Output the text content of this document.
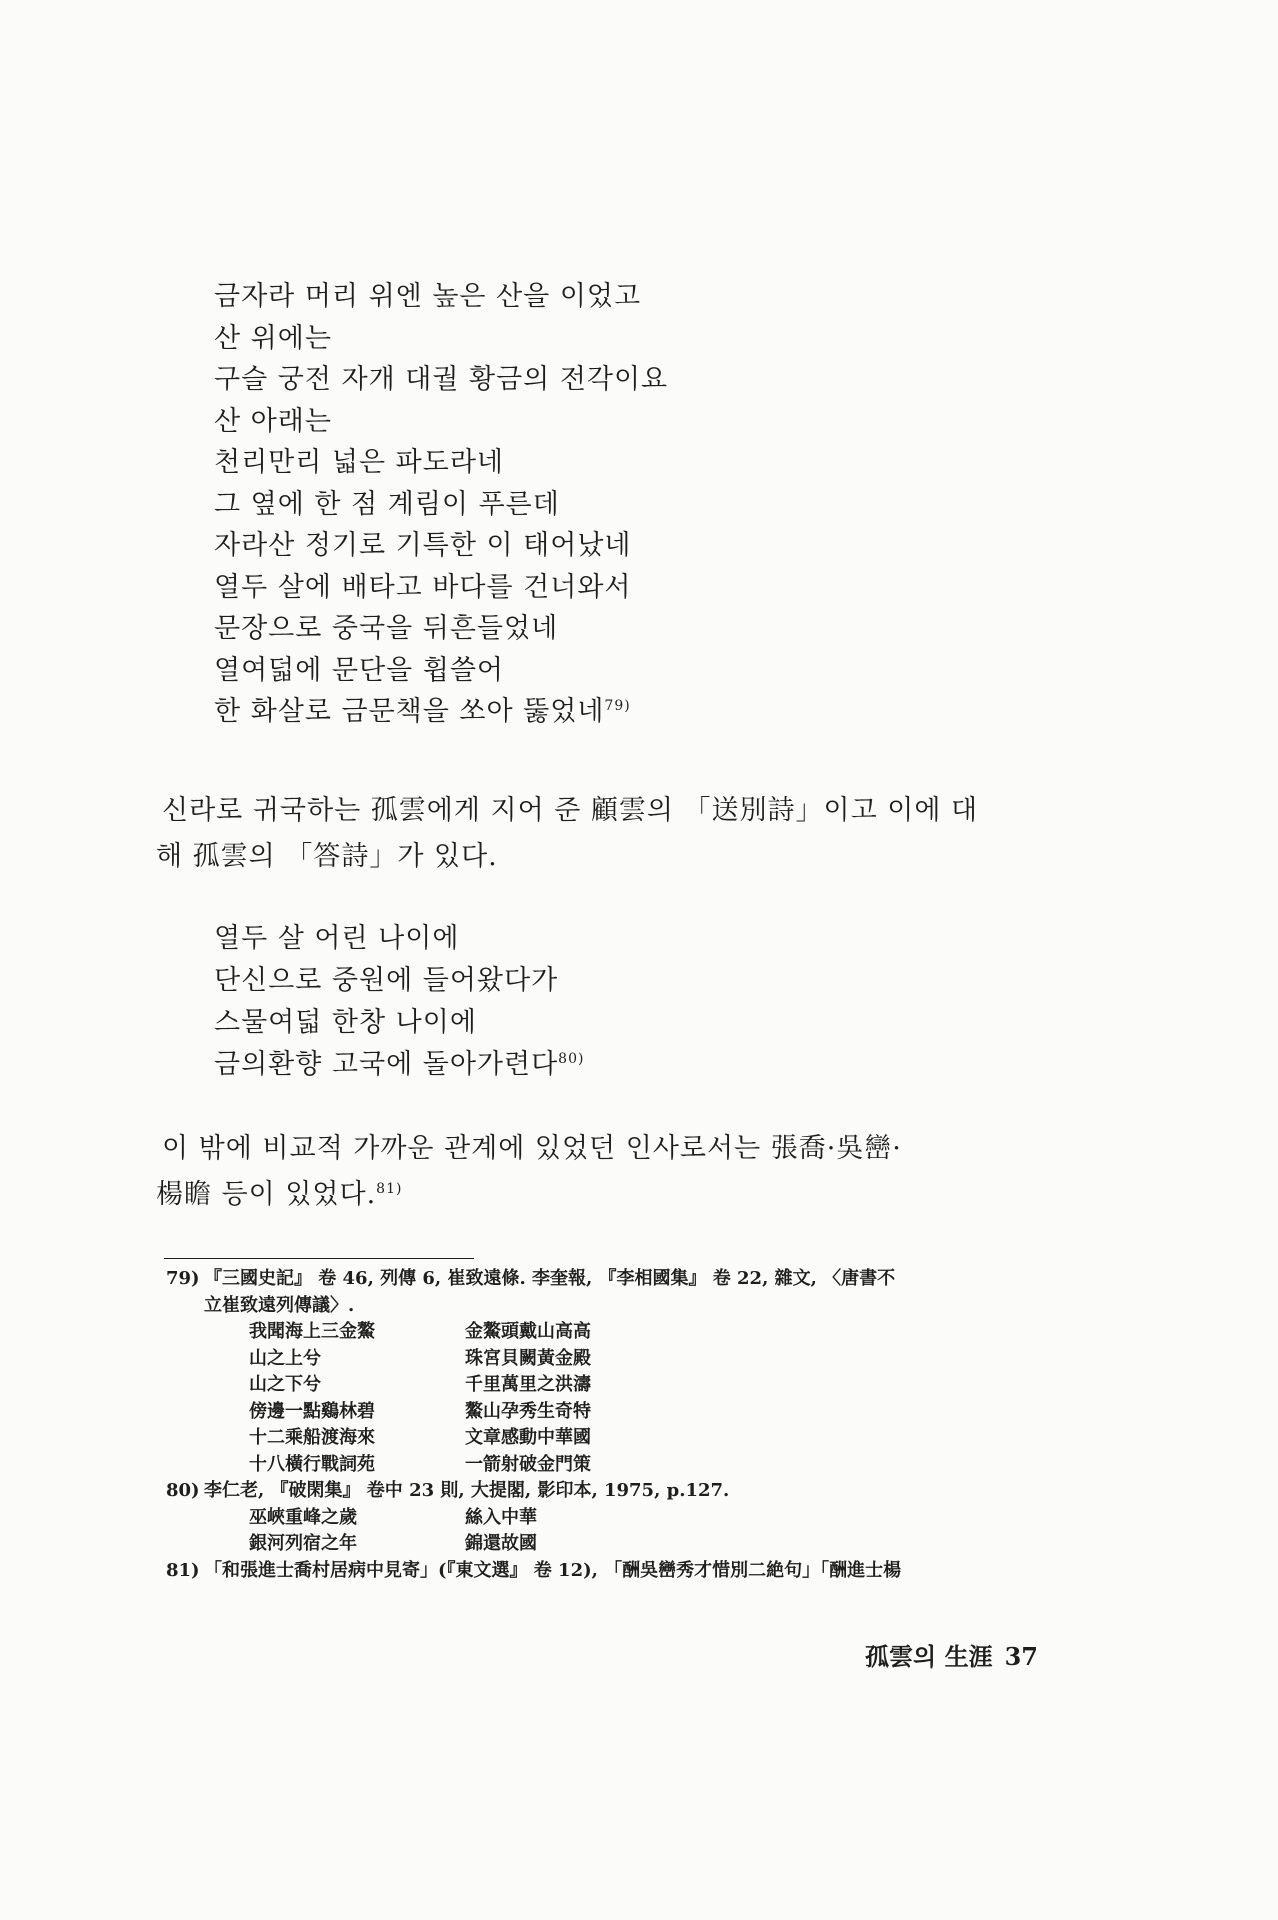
금자라 머리 위엔 높은 산을 이었고
산 위에는
구슬 궁전 자개 대궐 황금의 전각이요
산 아래는
천리만리 넓은 파도라네
그 옆에 한 점 계림이 푸른데
자라산 정기로 기특한 이 태어났네
열두 살에 배타고 바다를 건너와서
문장으로 중국을 뒤흔들었네
열여덟에 문단을 휩쓸어
한 화살로 금문책을 쏘아 뚫었네$^{79)}$
신라로 귀국하는 孤雲에게 지어 준 顧雲의 「送別詩」이고 이에 대
해 孤雲의 「答詩」가 있다.
열두 살 어린 나이에
단신으로 중원에 들어왔다가
스물여덟 한창 나이에
금의환향 고국에 돌아가련다$^{80)}$
이 밖에 비교적 가까운 관계에 있었던 인사로서는 張喬·吳巒·
楊瞻 등이 있었다.$^{81)}$
79) 『三國史記』 卷 46, 列傳 6, 崔致遠條. 李奎報, 『李相國集』 卷 22, 雜文, 〈唐書不
立崔致遠列傳議〉.
我聞海上三金鰲	金鰲頭戴山高高
山之上兮	珠宮貝闕黃金殿
山之下兮	千里萬里之洪濤
傍邊一點鷄林碧	鰲山孕秀生奇特
十二乘船渡海來	文章感動中華國
十八橫行戰詞苑	一箭射破金門策
80) 李仁老, 『破閑集』 卷中 23 則, 大提閣, 影印本, 1975, p.127.
巫峽重峰之歲	絲入中華
銀河列宿之年	錦還故國
81) 「和張進士喬村居病中見寄」(『東文選』 卷 12), 「酬吳巒秀才惜別二絶句」「酬進士楊
孤雲의 生涯 37
